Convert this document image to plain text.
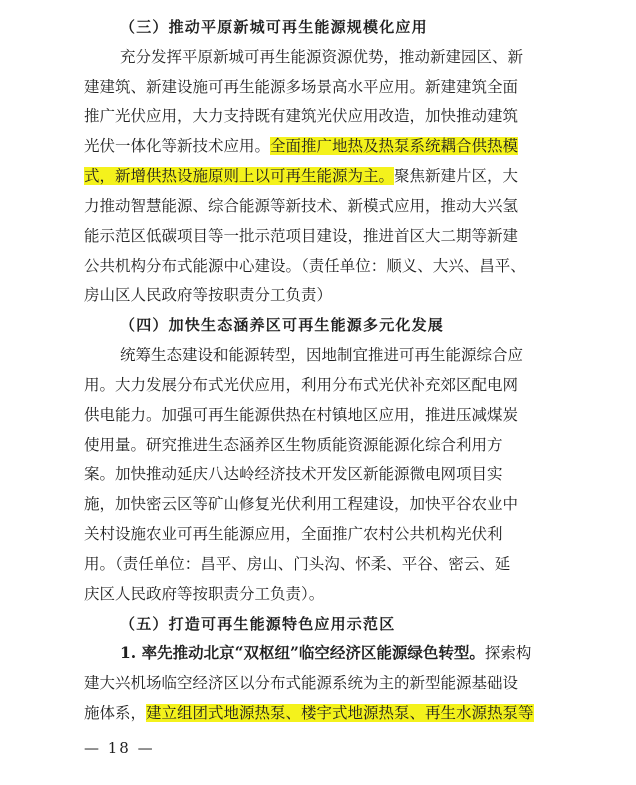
（三）推动平原新城可再生能源规模化应用
充分发挥平原新城可再生能源资源优势，推动新建园区、新
建建筑、新建设施可再生能源多场景高水平应用。新建建筑全面
推广光伏应用，大力支持既有建筑光伏应用改造，加快推动建筑
光伏一体化等新技术应用。全面推广地热及热泵系统耦合供热模
式，新增供热设施原则上以可再生能源为主。聚焦新建片区，大
力推动智慧能源、综合能源等新技术、新模式应用，推动大兴氢
能示范区低碳项目等一批示范项目建设，推进首区大二期等新建
公共机构分布式能源中心建设。（责任单位：顺义、大兴、昌平、
房山区人民政府等按职责分工负责）
（四）加快生态涵养区可再生能源多元化发展
统筹生态建设和能源转型，因地制宜推进可再生能源综合应
用。大力发展分布式光伏应用，利用分布式光伏补充郊区配电网
供电能力。加强可再生能源供热在村镇地区应用，推进压减煤炭
使用量。研究推进生态涵养区生物质能资源能源化综合利用方
案。加快推动延庆八达岭经济技术开发区新能源微电网项目实
施，加快密云区等矿山修复光伏利用工程建设，加快平谷农业中
关村设施农业可再生能源应用，全面推广农村公共机构光伏利
用。（责任单位：昌平、房山、门头沟、怀柔、平谷、密云、延
庆区人民政府等按职责分工负责）。
（五）打造可再生能源特色应用示范区
1. 率先推动北京“双枢纽”临空经济区能源绿色转型。探索构
建大兴机场临空经济区以分布式能源系统为主的新型能源基础设
施体系，建立组团式地源热泵、楼宇式地源热泵、再生水源热泵等
— 18 —
